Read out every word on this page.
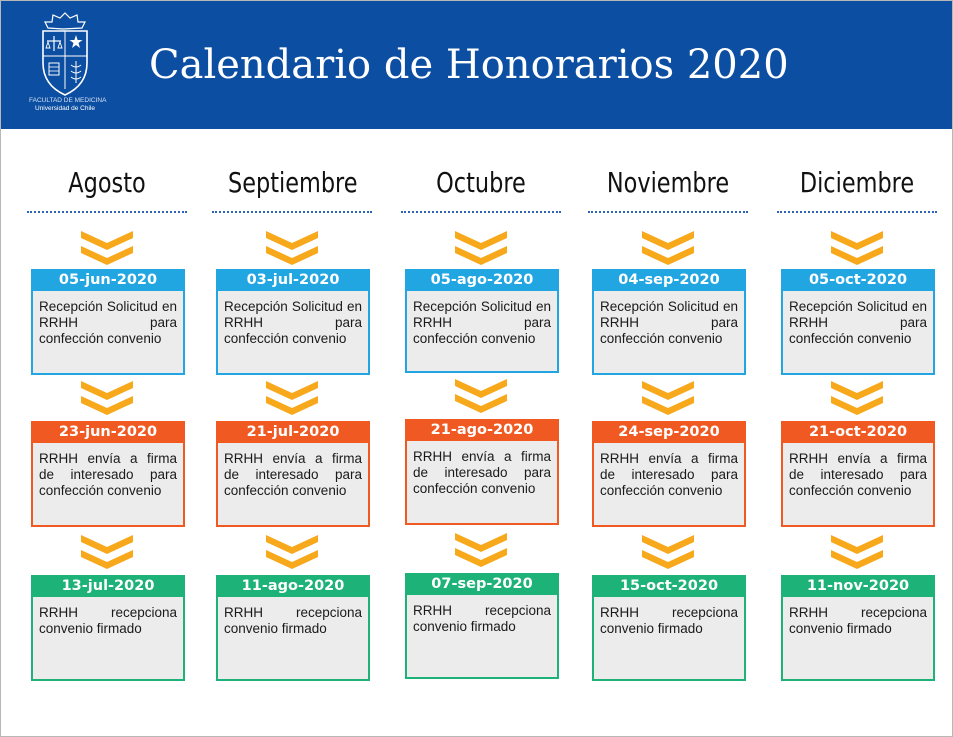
FACULTAD DE MEDICINA
Universidad de Chile
Calendario de Honorarios 2020
Agosto
05-jun-2020
Recepción Solicitud en RRHH para confección convenio
23-jun-2020
RRHH envía a firma de interesado para confección convenio
13-jul-2020
RRHH recepciona convenio firmado
Septiembre
03-jul-2020
Recepción Solicitud en RRHH para confección convenio
21-jul-2020
RRHH envía a firma de interesado para confección convenio
11-ago-2020
RRHH recepciona convenio firmado
Octubre
05-ago-2020
Recepción Solicitud en RRHH para confección convenio
21-ago-2020
RRHH envía a firma de interesado para confección convenio
07-sep-2020
RRHH recepciona convenio firmado
Noviembre
04-sep-2020
Recepción Solicitud en RRHH para confección convenio
24-sep-2020
RRHH envía a firma de interesado para confección convenio
15-oct-2020
RRHH recepciona convenio firmado
Diciembre
05-oct-2020
Recepción Solicitud en RRHH para confección convenio
21-oct-2020
RRHH envía a firma de interesado para confección convenio
11-nov-2020
RRHH recepciona convenio firmado
